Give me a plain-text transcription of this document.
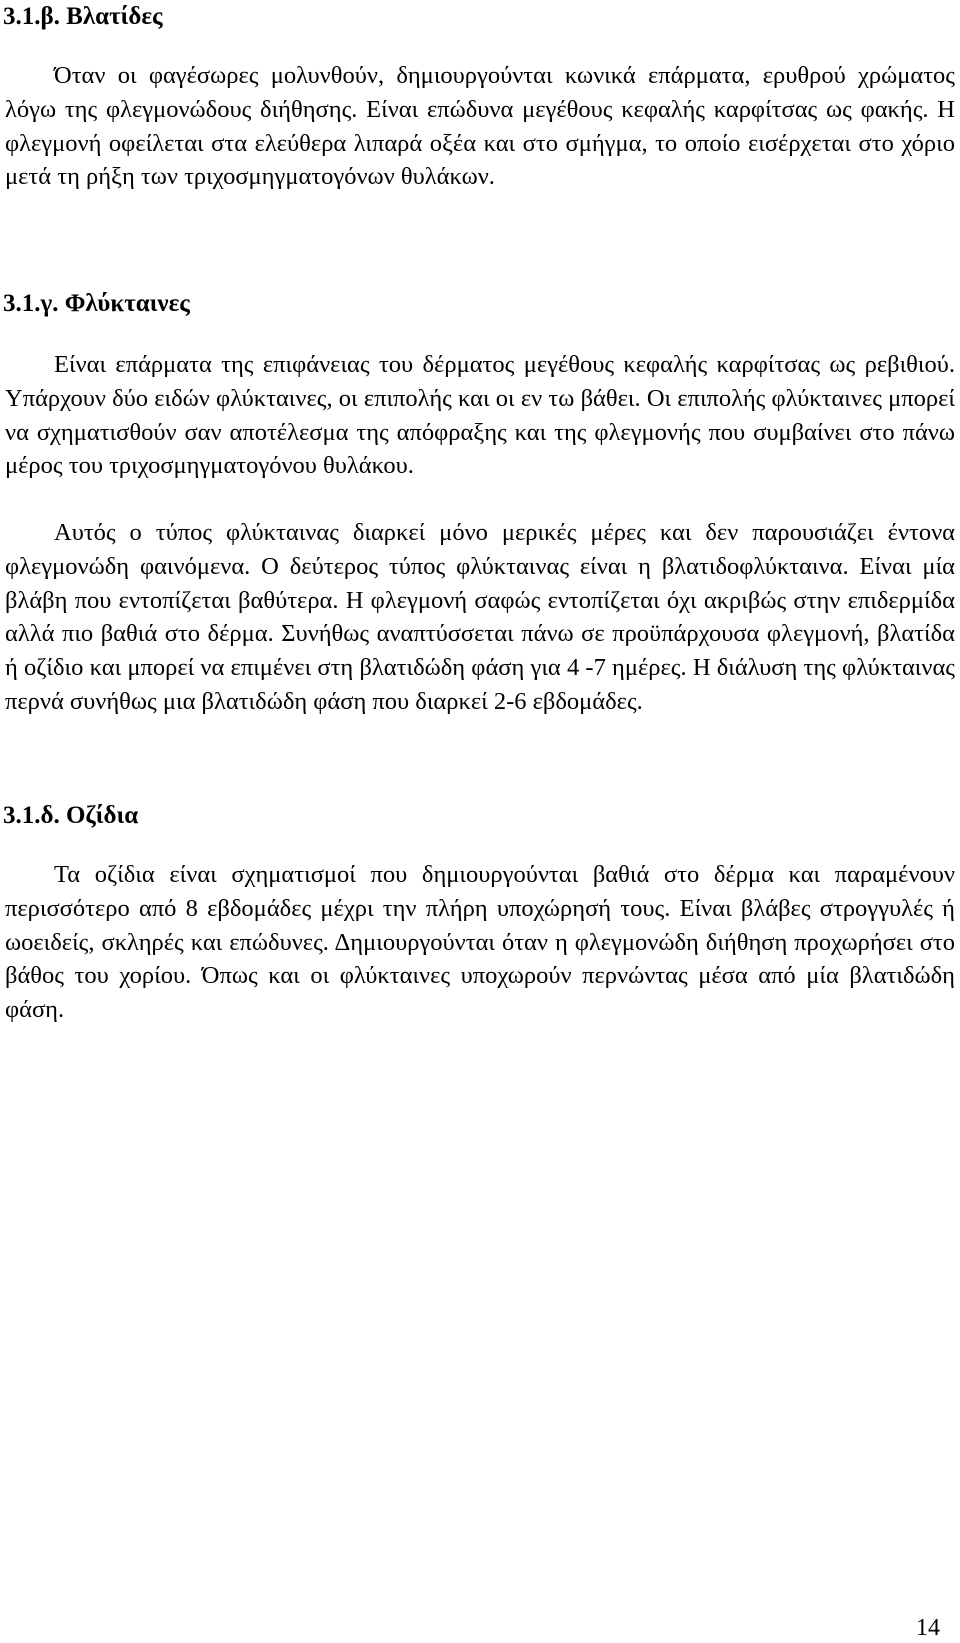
3.1.β. Βλατίδες

Όταν οι φαγέσωρες μολυνθούν, δημιουργούνται κωνικά επάρματα, ερυθρού χρώματος λόγω της φλεγμονώδους διήθησης. Είναι επώδυνα μεγέθους κεφαλής καρφίτσας ως φακής. Η φλεγμονή οφείλεται στα ελεύθερα λιπαρά οξέα και στο σμήγμα, το οποίο εισέρχεται στο χόριο μετά τη ρήξη των τριχοσμηγματογόνων θυλάκων.

3.1.γ. Φλύκταινες

Είναι επάρματα της επιφάνειας του δέρματος μεγέθους κεφαλής καρφίτσας ως ρεβιθιού. Υπάρχουν δύο ειδών φλύκταινες, οι επιπολής και οι εν τω βάθει. Οι επιπολής φλύκταινες μπορεί να σχηματισθούν σαν αποτέλεσμα της απόφραξης και της φλεγμονής που συμβαίνει στο πάνω μέρος του τριχοσμηγματογόνου θυλάκου.

Αυτός ο τύπος φλύκταινας διαρκεί μόνο μερικές μέρες και δεν παρουσιάζει έντονα φλεγμονώδη φαινόμενα. Ο δεύτερος τύπος φλύκταινας είναι η βλατιδοφλύκταινα. Είναι μία βλάβη που εντοπίζεται βαθύτερα. Η φλεγμονή σαφώς εντοπίζεται όχι ακριβώς στην επιδερμίδα αλλά πιο βαθιά στο δέρμα. Συνήθως αναπτύσσεται πάνω σε προϋπάρχουσα φλεγμονή, βλατίδα ή οζίδιο και μπορεί να επιμένει στη βλατιδώδη φάση για 4 -7 ημέρες. Η διάλυση της φλύκταινας περνά συνήθως μια βλατιδώδη φάση που διαρκεί 2-6 εβδομάδες.

3.1.δ. Οζίδια

Τα οζίδια είναι σχηματισμοί που δημιουργούνται βαθιά στο δέρμα και παραμένουν περισσότερο από 8 εβδομάδες μέχρι την πλήρη υποχώρησή τους. Είναι βλάβες στρογγυλές ή ωοειδείς, σκληρές και επώδυνες. Δημιουργούνται όταν η φλεγμονώδη διήθηση προχωρήσει στο βάθος του χορίου. Όπως και οι φλύκταινες υποχωρούν περνώντας μέσα από μία βλατιδώδη φάση.

14
